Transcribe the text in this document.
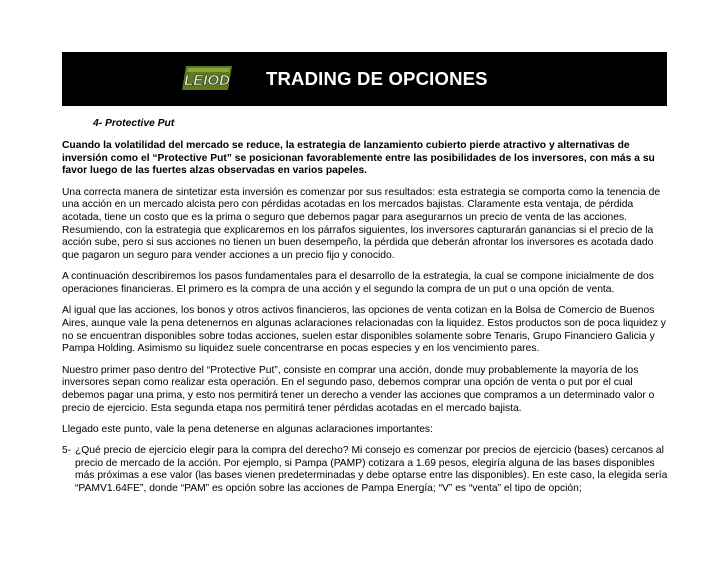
LEIOD TRADING DE OPCIONES
4- Protective Put

Cuando la volatilidad del mercado se reduce, la estrategia de lanzamiento cubierto pierde atractivo y alternativas de inversión como el “Protective Put” se posicionan favorablemente entre las posibilidades de los inversores, con más a su favor luego de las fuertes alzas observadas en varios papeles.

Una correcta manera de sintetizar esta inversión es comenzar por sus resultados: esta estrategia se comporta como la tenencia de una acción en un mercado alcista pero con pérdidas acotadas en los mercados bajistas. Claramente esta ventaja, de pérdida acotada, tiene un costo que es la prima o seguro que debemos pagar para asegurarnos un precio de venta de las acciones. Resumiendo, con la estrategia que explicaremos en los párrafos siguientes, los inversores capturarán ganancias si el precio de la acción sube, pero si sus acciones no tienen un buen desempeño, la pérdida que deberán afrontar los inversores es acotada dado que pagaron un seguro para vender acciones a un precio fijo y conocido.

A continuación describiremos los pasos fundamentales para el desarrollo de la estrategia, la cual se compone inicialmente de dos operaciones financieras. El primero es la compra de una acción y el segundo la compra de un put o una opción de venta.

Al igual que las acciones, los bonos y otros activos financieros, las opciones de venta cotizan en la Bolsa de Comercio de Buenos Aires, aunque vale la pena detenernos en algunas aclaraciones relacionadas con la liquidez. Estos productos son de poca liquidez y no se encuentran disponibles sobre todas acciones, suelen estar disponibles solamente sobre Tenaris, Grupo Financiero Galicia y Pampa Holding. Asimismo su liquidez suele concentrarse en pocas especies y en los vencimiento pares.

Nuestro primer paso dentro del “Protective Put”, consiste en comprar una acción, donde muy probablemente la mayoría de los inversores sepan como realizar esta operación. En el segundo paso, debemos comprar una opción de venta o put por el cual debemos pagar una prima, y esto nos permitirá tener un derecho a vender las acciones que compramos a un determinado valor o precio de ejercicio. Esta segunda etapa nos permitirá tener pérdidas acotadas en el mercado bajista.

Llegado este punto, vale la pena detenerse en algunas aclaraciones importantes:

5- ¿Qué precio de ejercicio elegir para la compra del derecho? Mi consejo es comenzar por precios de ejercicio (bases) cercanos al precio de mercado de la acción. Por ejemplo, si Pampa (PAMP) cotizara a 1.69 pesos, elegiría alguna de las bases disponibles más próximas a ese valor (las bases vienen predeterminadas y debe optarse entre las disponibles). En este caso, la elegida sería “PAMV1.64FE”, donde “PAM” es opción sobre las acciones de Pampa Energía; “V” es “venta” el tipo de opción;
